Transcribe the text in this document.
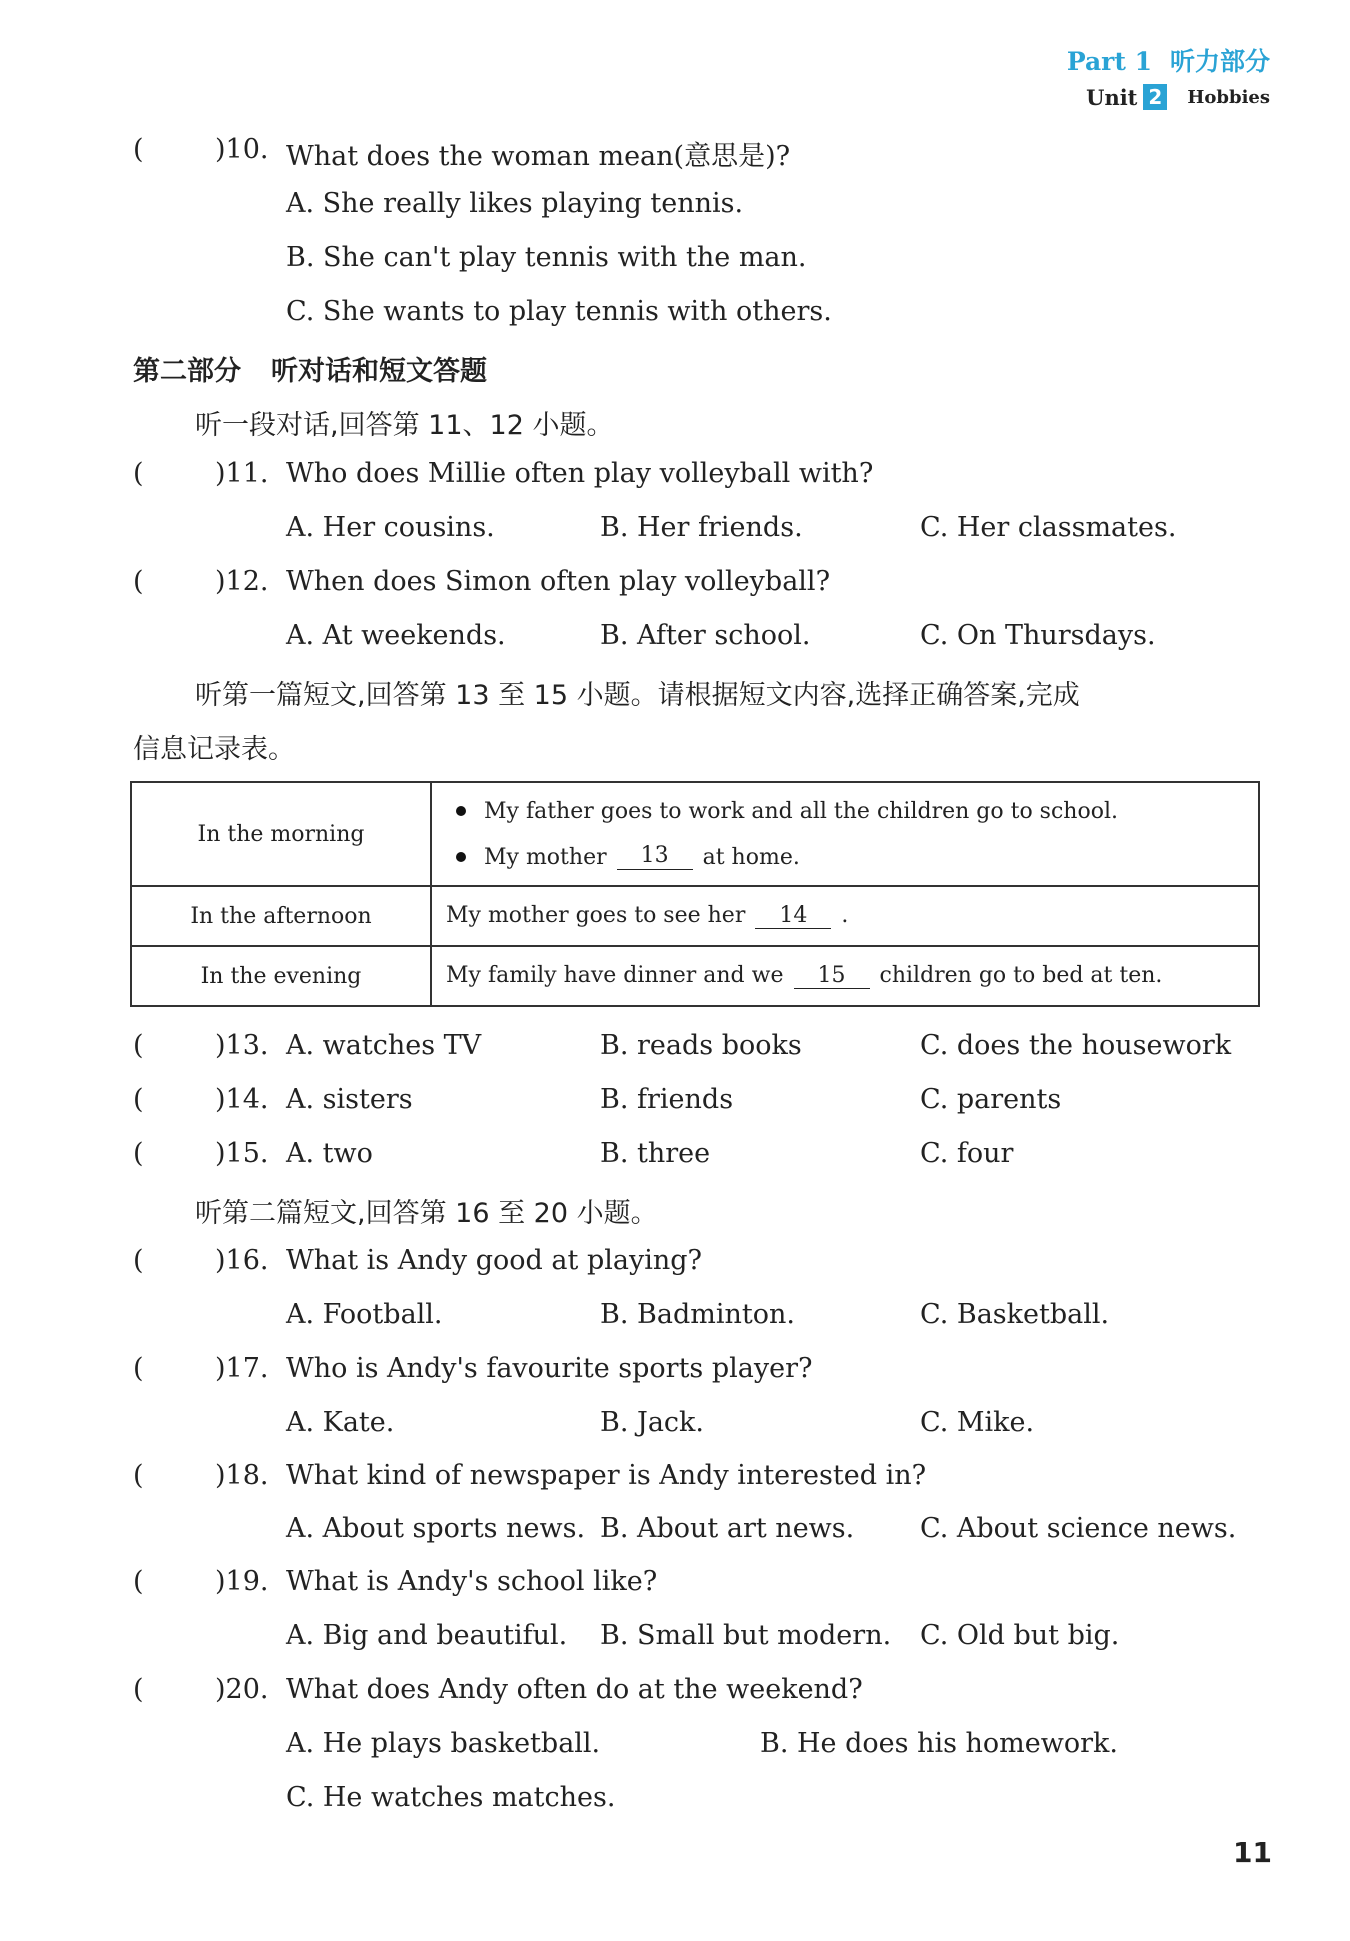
Part 1 听力部分
Unit 2 Hobbies
(	)10. What does the woman mean(意思是)?
A. She really likes playing tennis.
B. She can't play tennis with the man.
C. She wants to play tennis with others.
第二部分 听对话和短文答题
听一段对话,回答第 11、12 小题。
(	)11. Who does Millie often play volleyball with?
A. Her cousins.	B. Her friends.	C. Her classmates.
(	)12. When does Simon often play volleyball?
A. At weekends.	B. After school.	C. On Thursdays.
听第一篇短文,回答第 13 至 15 小题。请根据短文内容,选择正确答案,完成
信息记录表。
In the morning	My father goes to work and all the children go to school.
My mother 13 at home.

In the afternoon	My mother goes to see her 14 .
In the evening	My family have dinner and we 15 children go to bed at ten.
(	)13. A. watches TV	B. reads books	C. does the housework
(	)14. A. sisters	B. friends	C. parents
(	)15. A. two	B. three	C. four
听第二篇短文,回答第 16 至 20 小题。
(	)16. What is Andy good at playing?
A. Football.	B. Badminton.	C. Basketball.
(	)17. Who is Andy's favourite sports player?
A. Kate.	B. Jack.	C. Mike.
(	)18. What kind of newspaper is Andy interested in?
A. About sports news. B. About art news. C. About science news.
(	)19. What is Andy's school like?
A. Big and beautiful. B. Small but modern. C. Old but big.
(	)20. What does Andy often do at the weekend?
A. He plays basketball.	B. He does his homework.
C. He watches matches.
11
